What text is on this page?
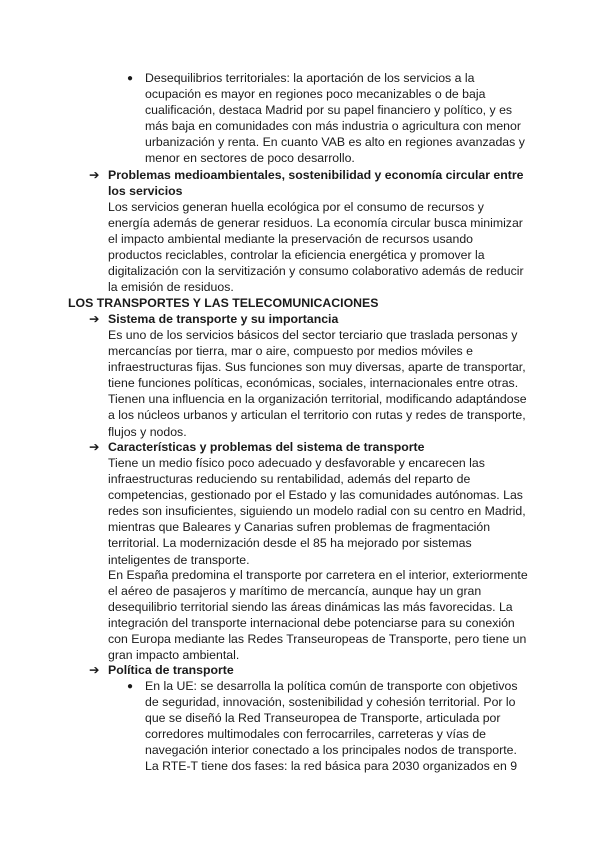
● Desequilibrios territoriales: la aportación de los servicios a la ocupación es mayor en regiones poco mecanizables o de baja cualificación, destaca Madrid por su papel financiero y político, y es más baja en comunidades con más industria o agricultura con menor urbanización y renta. En cuanto VAB es alto en regiones avanzadas y menor en sectores de poco desarrollo.
➔ Problemas medioambientales, sostenibilidad y economía circular entre los servicios
Los servicios generan huella ecológica por el consumo de recursos y energía además de generar residuos. La economía circular busca minimizar el impacto ambiental mediante la preservación de recursos usando productos reciclables, controlar la eficiencia energética y promover la digitalización con la servitización y consumo colaborativo además de reducir la emisión de residuos.
LOS TRANSPORTES Y LAS TELECOMUNICACIONES
➔ Sistema de transporte y su importancia
Es uno de los servicios básicos del sector terciario que traslada personas y mercancías por tierra, mar o aire, compuesto por medios móviles e infraestructuras fijas. Sus funciones son muy diversas, aparte de transportar, tiene funciones políticas, económicas, sociales, internacionales entre otras. Tienen una influencia en la organización territorial, modificando adaptándose a los núcleos urbanos y articulan el territorio con rutas y redes de transporte, flujos y nodos.
➔ Características y problemas del sistema de transporte
Tiene un medio físico poco adecuado y desfavorable y encarecen las infraestructuras reduciendo su rentabilidad, además del reparto de competencias, gestionado por el Estado y las comunidades autónomas. Las redes son insuficientes, siguiendo un modelo radial con su centro en Madrid, mientras que Baleares y Canarias sufren problemas de fragmentación territorial. La modernización desde el 85 ha mejorado por sistemas inteligentes de transporte.
En España predomina el transporte por carretera en el interior, exteriormente el aéreo de pasajeros y marítimo de mercancía, aunque hay un gran desequilibrio territorial siendo las áreas dinámicas las más favorecidas. La integración del transporte internacional debe potenciarse para su conexión con Europa mediante las Redes Transeuropeas de Transporte, pero tiene un gran impacto ambiental.
➔ Política de transporte
● En la UE: se desarrolla la política común de transporte con objetivos de seguridad, innovación, sostenibilidad y cohesión territorial. Por lo que se diseñó la Red Transeuropea de Transporte, articulada por corredores multimodales con ferrocarriles, carreteras y vías de navegación interior conectado a los principales nodos de transporte. La RTE-T tiene dos fases: la red básica para 2030 organizados en 9
